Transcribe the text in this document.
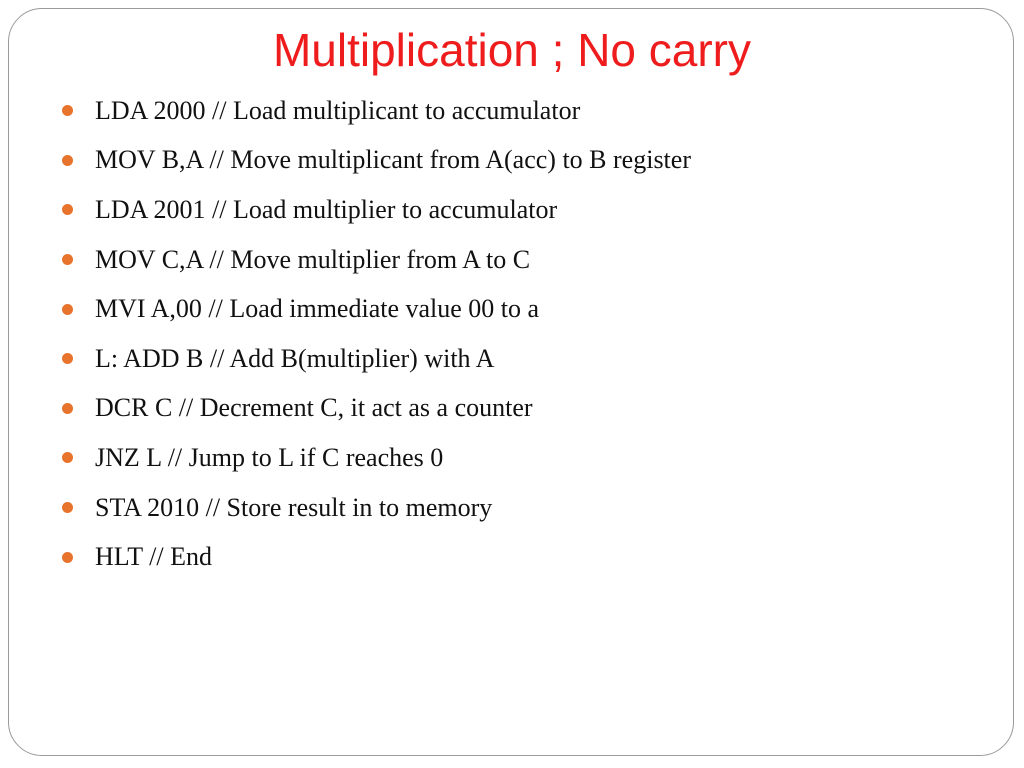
Multiplication ; No carry
LDA 2000 // Load multiplicant to accumulator
MOV B,A // Move multiplicant from A(acc) to B register
LDA 2001 // Load multiplier to accumulator
MOV C,A // Move multiplier from A to C
MVI A,00 // Load immediate value 00 to a
L: ADD B // Add B(multiplier) with A
DCR C // Decrement C, it act as a counter
JNZ L // Jump to L if C reaches 0
STA 2010 // Store result in to memory
HLT // End
